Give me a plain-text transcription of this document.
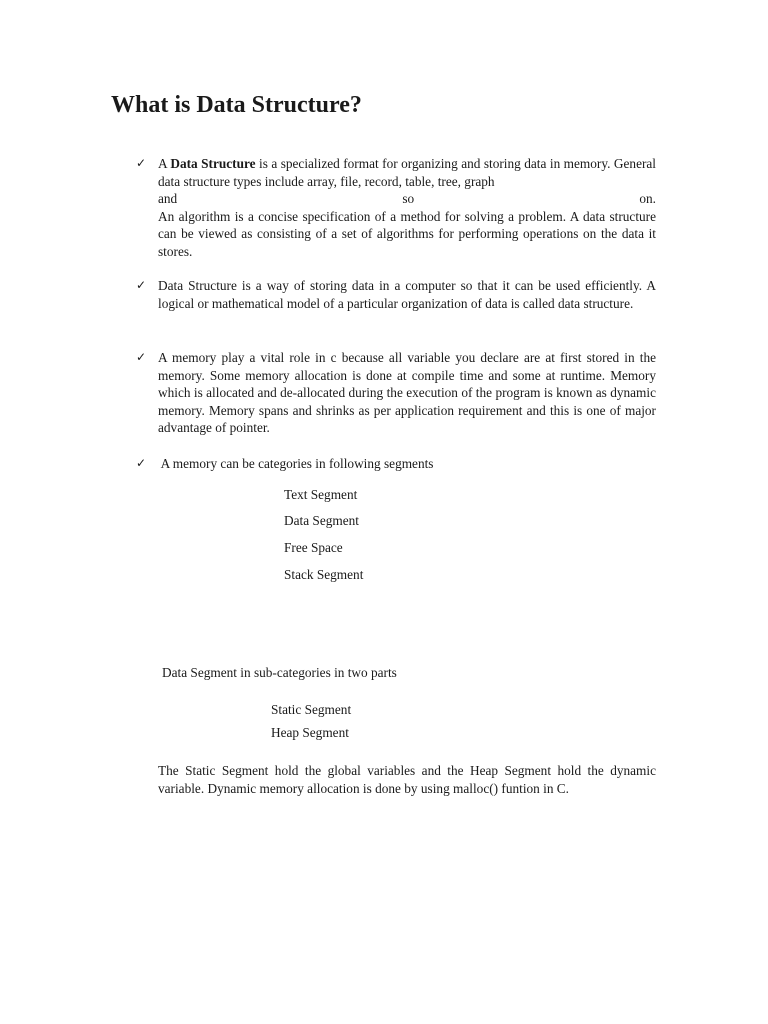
What is Data Structure?
✓ A Data Structure is a specialized format for organizing and storing data in memory. General data structure types include array, file, record, table, tree, graph

and	so	on.

An algorithm is a concise specification of a method for solving a problem. A data structure can be viewed as consisting of a set of algorithms for performing operations on the data it stores.

✓ Data Structure is a way of storing data in a computer so that it can be used efficiently. A logical or mathematical model of a particular organization of data is called data structure.

✓ A memory play a vital role in c because all variable you declare are at first stored in the memory. Some memory allocation is done at compile time and some at runtime. Memory which is allocated and de-allocated during the execution of the program is known as dynamic memory. Memory spans and shrinks as per application requirement and this is one of major advantage of pointer.

✓ A memory can be categories in following segments

Text Segment
Data Segment
Free Space
Stack Segment
Data Segment in sub-categories in two parts
Static Segment
Heap Segment

The Static Segment hold the global variables and the Heap Segment hold the dynamic variable. Dynamic memory allocation is done by using malloc() funtion in C.
